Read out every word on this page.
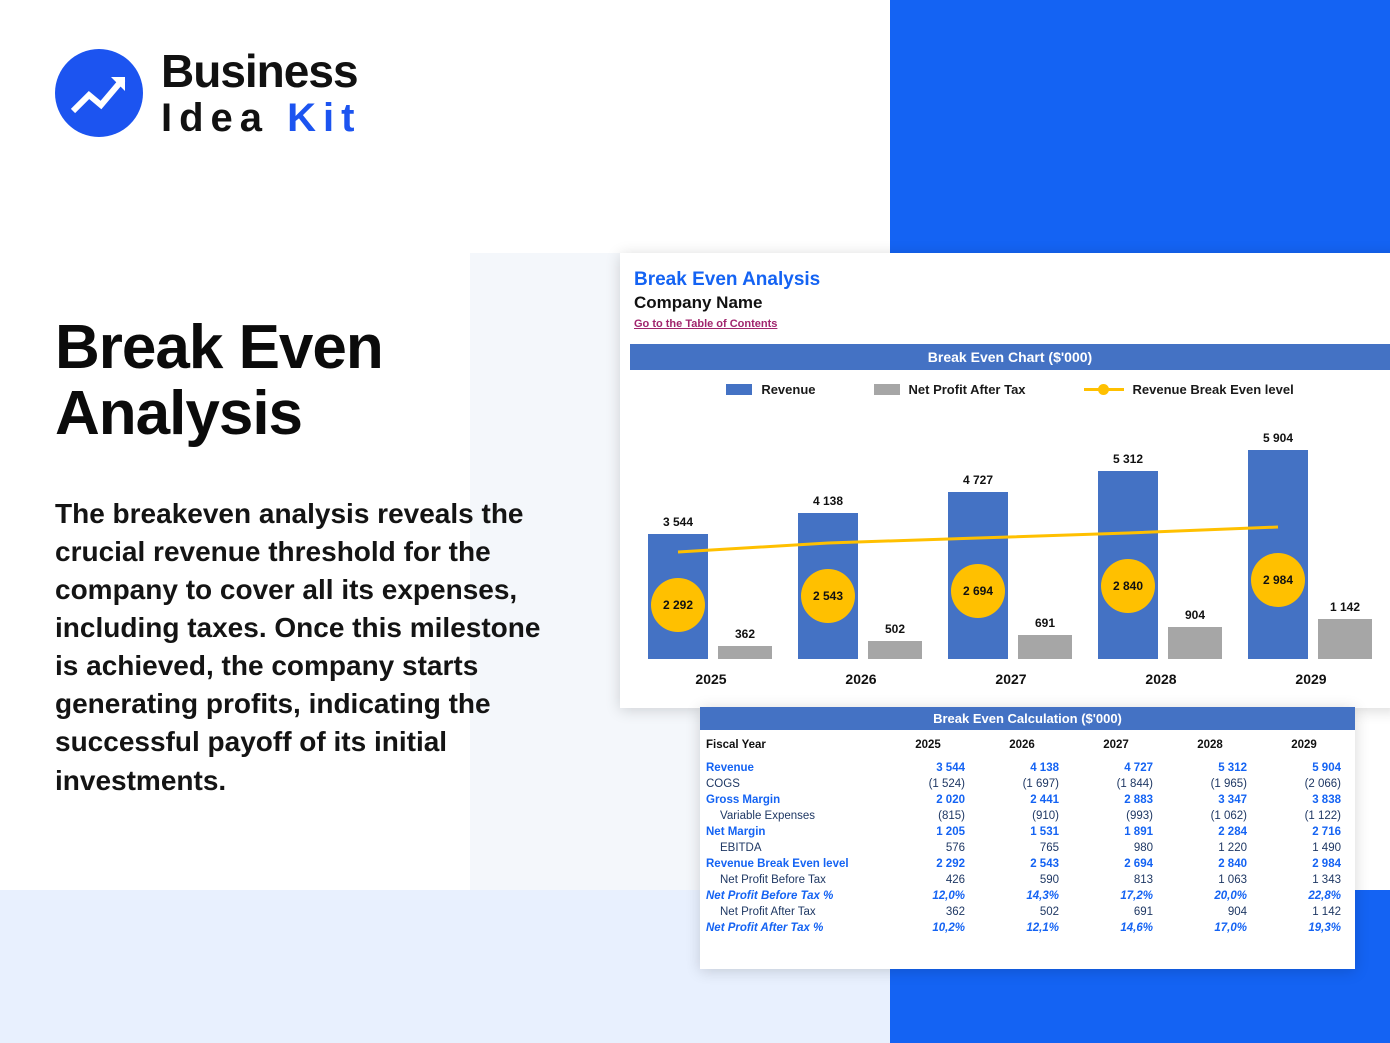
Business
Idea Kit
Break Even
Analysis
The breakeven analysis reveals the crucial revenue threshold for the company to cover all its expenses, including taxes. Once this milestone is achieved, the company starts generating profits, indicating the successful payoff of its initial investments.
Break Even Analysis
Company Name
Go to the Table of Contents
Break Even Chart ($'000)
Revenue	Net Profit After Tax	Revenue Break Even level
3 544
362
2 292
2025
4 138
502
2 543
2026
4 727
691
2 694
2027
5 312
904
2 840
2028
5 904
1 142
2 984
2029
Break Even Calculation ($'000)
Fiscal Year	2025	2026	2027	2028	2029
Revenue	3 544	4 138	4 727	5 312	5 904
COGS	(1 524)	(1 697)	(1 844)	(1 965)	(2 066)
Gross Margin	2 020	2 441	2 883	3 347	3 838
Variable Expenses	(815)	(910)	(993)	(1 062)	(1 122)
Net Margin	1 205	1 531	1 891	2 284	2 716
EBITDA	576	765	980	1 220	1 490
Revenue Break Even level	2 292	2 543	2 694	2 840	2 984
Net Profit Before Tax	426	590	813	1 063	1 343
Net Profit Before Tax %	12,0%	14,3%	17,2%	20,0%	22,8%
Net Profit After Tax	362	502	691	904	1 142
Net Profit After Tax %	10,2%	12,1%	14,6%	17,0%	19,3%
